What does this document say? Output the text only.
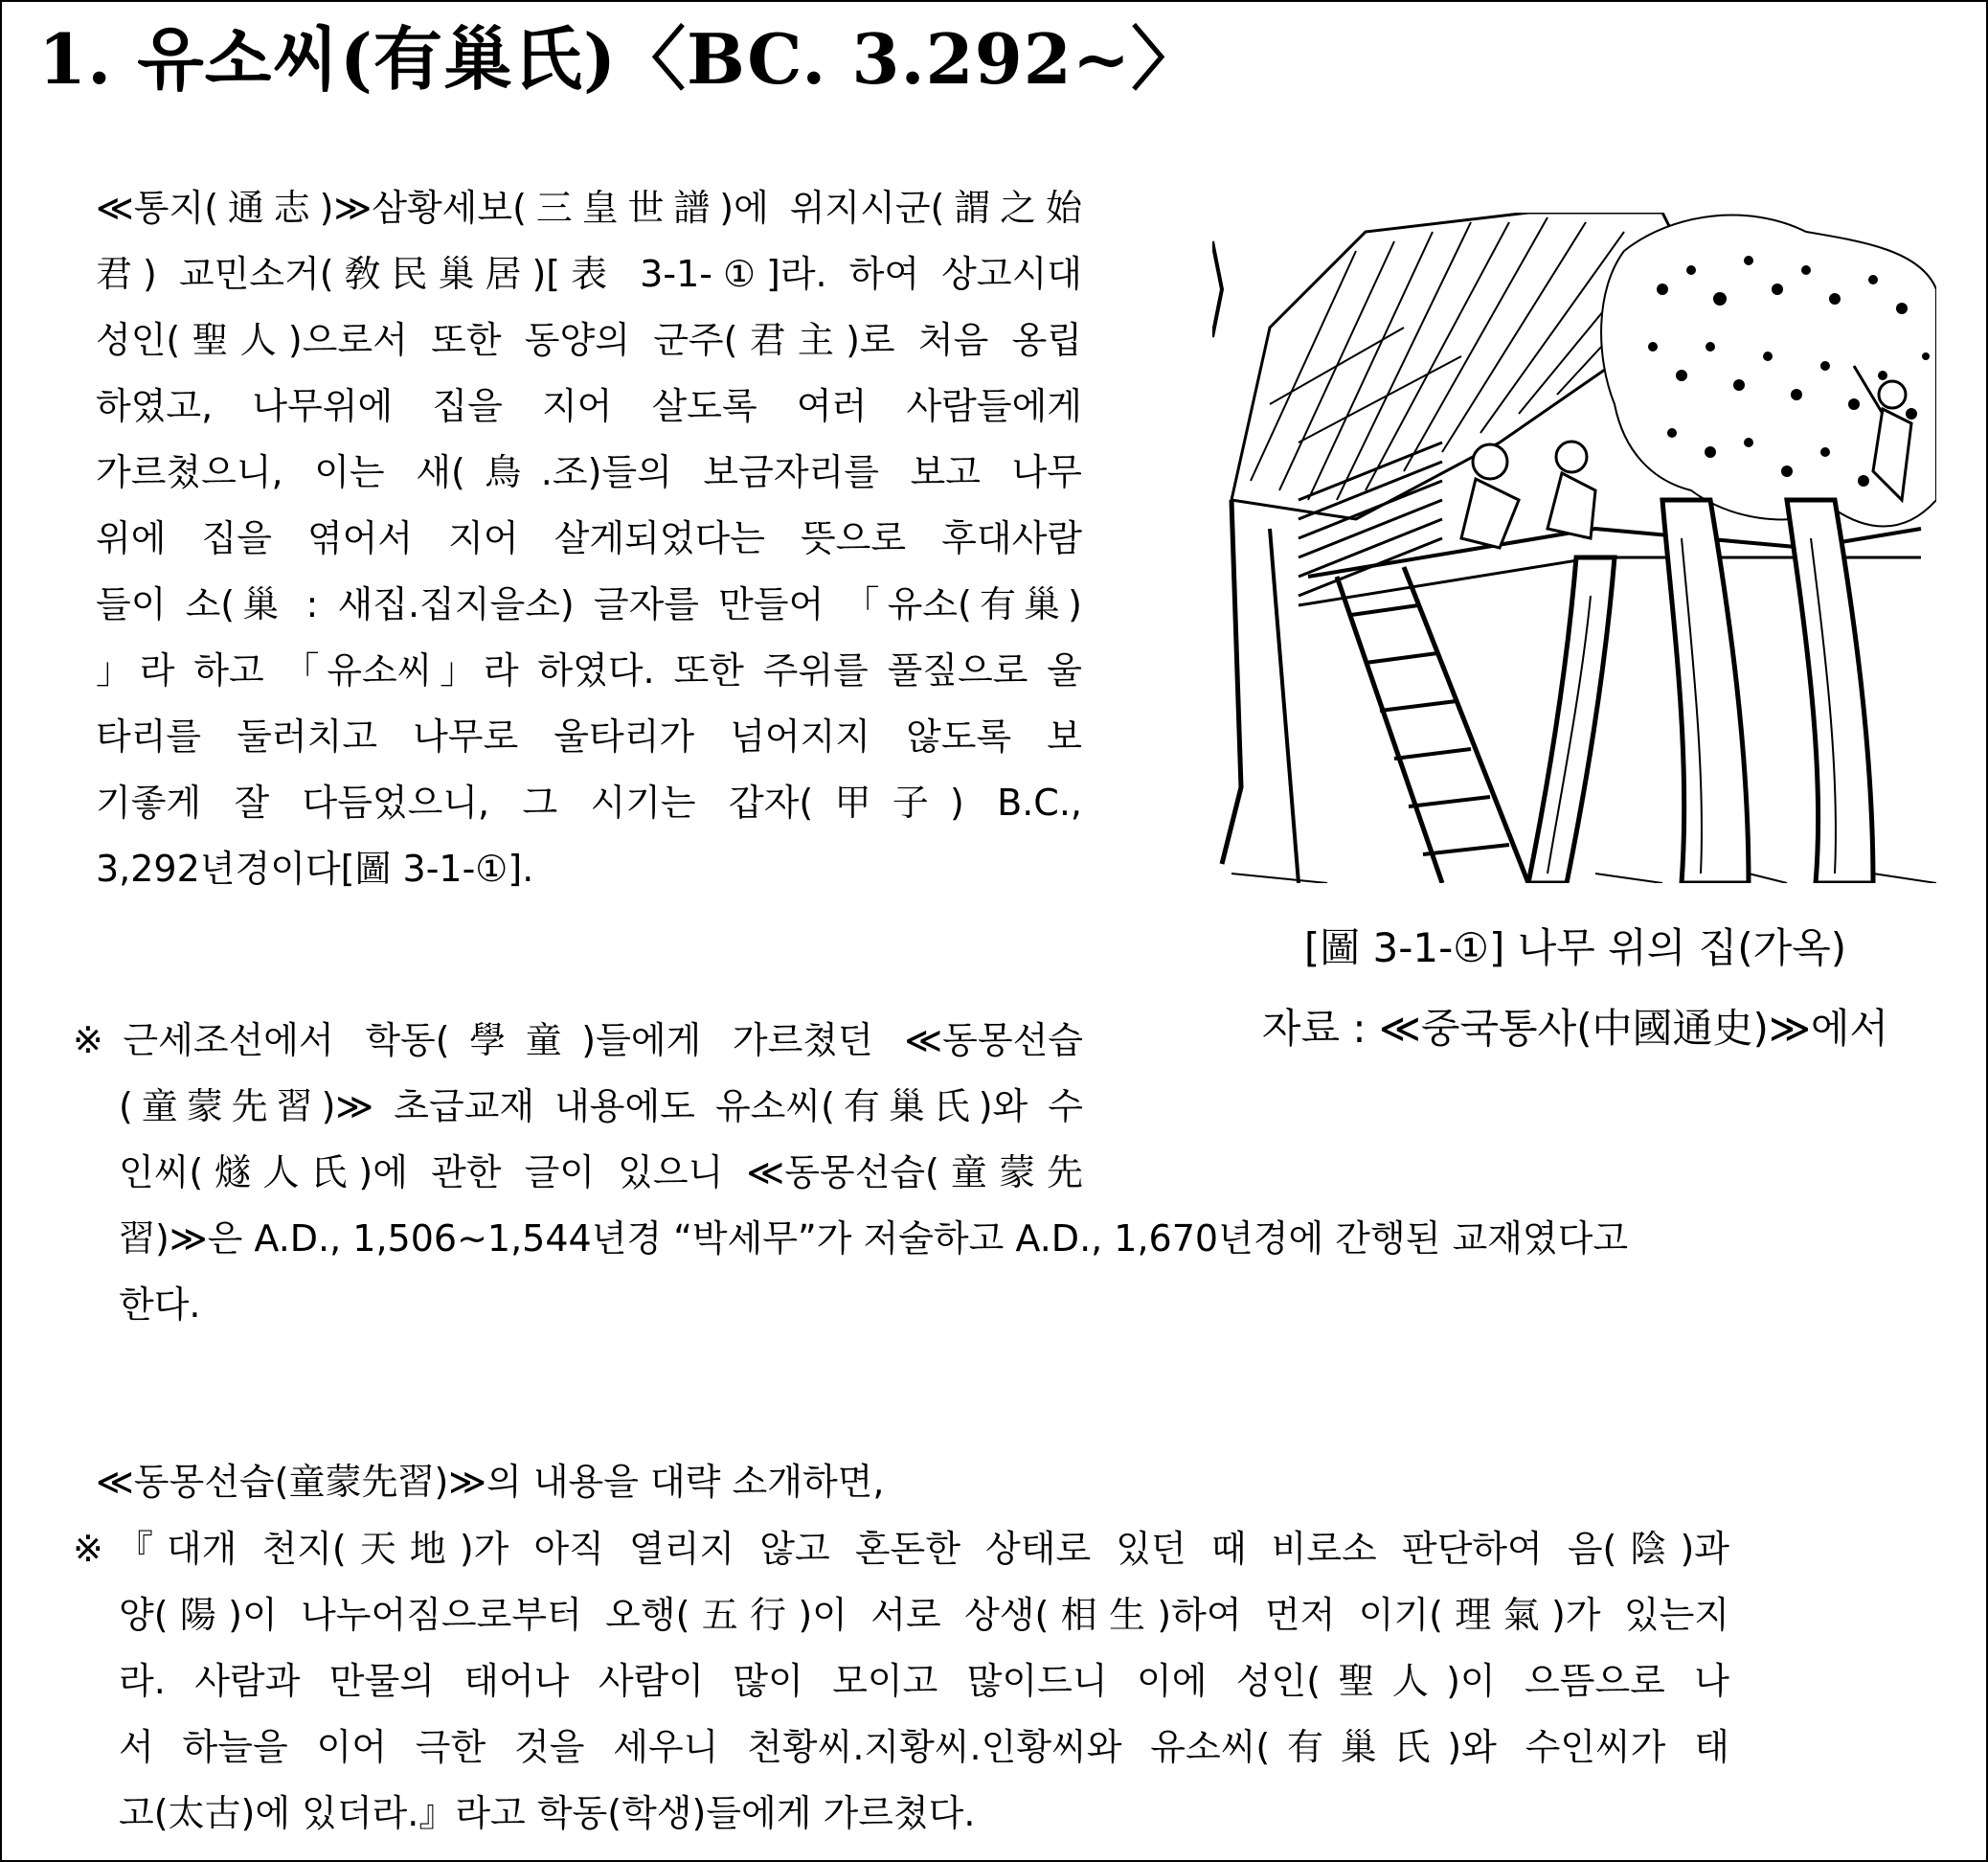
1. 유소씨(有巢氏)〈BC. 3.292∼〉
≪통지(通志)≫삼황세보(三皇世譜)에 위지시군(謂之始
君) 교민소거(敎民巢居)[表 3-1-①]라. 하여 상고시대
성인(聖人)으로서 또한 동양의 군주(君主)로 처음 옹립
하였고, 나무위에 집을 지어 살도록 여러 사람들에게
가르쳤으니, 이는 새(鳥.조)들의 보금자리를 보고 나무
위에 집을 엮어서 지어 살게되었다는 뜻으로 후대사람
들이 소(巢 : 새집.집지을소) 글자를 만들어 「유소(有巢)
」라 하고 「유소씨」라 하였다. 또한 주위를 풀짚으로 울
타리를 둘러치고 나무로 울타리가 넘어지지 않도록 보
기좋게 잘 다듬었으니, 그 시기는 갑자(甲子) B.C.,
3,292년경이다[圖 3-1-①].
[圖 3-1-①] 나무 위의 집(가옥)
자료 : ≪중국통사(中國通史)≫에서
※근세조선에서 학동(學童)들에게 가르쳤던 ≪동몽선습
(童蒙先習)≫ 초급교재 내용에도 유소씨(有巢氏)와 수
인씨(燧人氏)에 관한 글이 있으니 ≪동몽선습(童蒙先
習)≫은 A.D., 1,506∼1,544년경 “박세무”가 저술하고 A.D., 1,670년경에 간행된 교재였다고
한다.
≪동몽선습(童蒙先習)≫의 내용을 대략 소개하면,
※『대개 천지(天地)가 아직 열리지 않고 혼돈한 상태로 있던 때 비로소 판단하여 음(陰)과
양(陽)이 나누어짐으로부터 오행(五行)이 서로 상생(相生)하여 먼저 이기(理氣)가 있는지
라. 사람과 만물의 태어나 사람이 많이 모이고 많이드니 이에 성인(聖人)이 으뜸으로 나
서 하늘을 이어 극한 것을 세우니 천황씨.지황씨.인황씨와 유소씨(有巢氏)와 수인씨가 태
고(太古)에 있더라.』라고 학동(학생)들에게 가르쳤다.
